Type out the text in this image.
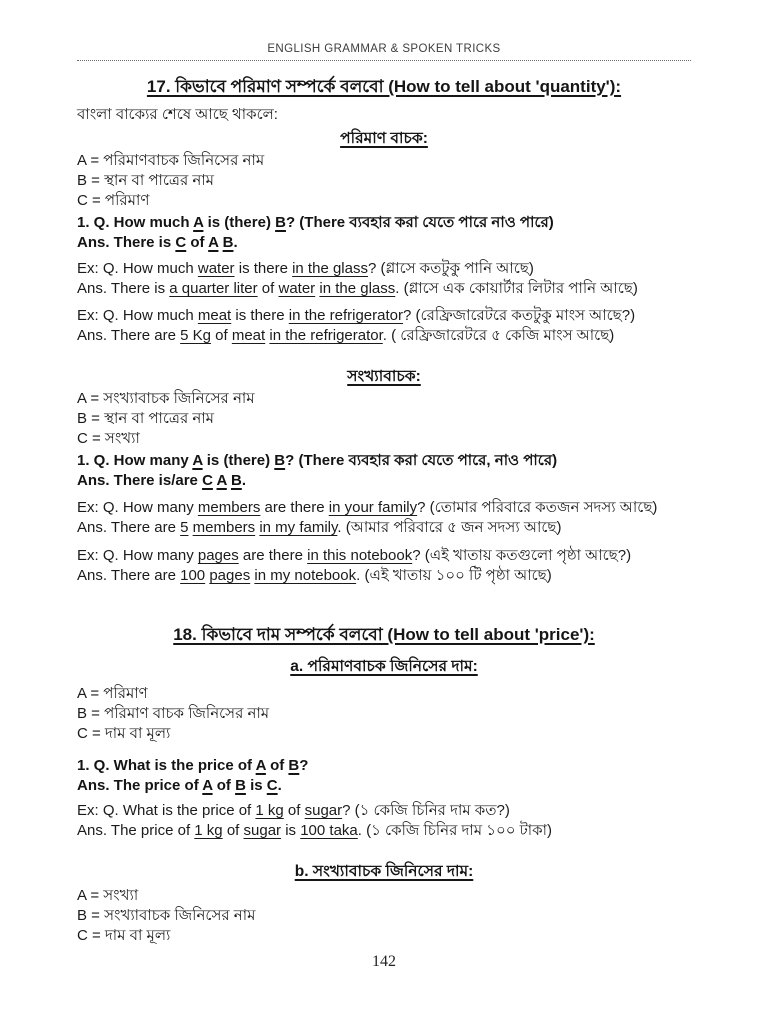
ENGLISH GRAMMAR & SPOKEN TRICKS
17. কিভাবে পরিমাণ সম্পর্কে বলবো (How to tell about 'quantity'):
বাংলা বাক্যের শেষে আছে থাকলে:
পরিমাণ বাচক:
A = পরিমাণবাচক জিনিসের নাম
B = স্থান বা পাত্রের নাম
C = পরিমাণ
1. Q. How much A is (there) B? (There ব্যবহার করা যেতে পারে নাও পারে)
Ans. There is C of A B.
Ex: Q. How much water is there in the glass? (গ্লাসে কতটুকু পানি আছে)
Ans. There is a quarter liter of water in the glass. (গ্লাসে এক কোয়ার্টার লিটার পানি আছে)
Ex: Q. How much meat is there in the refrigerator? (রেফ্রিজারেটরে কতটুকু মাংস আছে?)
Ans. There are 5 Kg of meat in the refrigerator. ( রেফ্রিজারেটরে ৫ কেজি মাংস আছে)
সংখ্যাবাচক:
A = সংখ্যাবাচক জিনিসের নাম
B = স্থান বা পাত্রের নাম
C = সংখ্যা
1. Q. How many A is (there) B? (There ব্যবহার করা যেতে পারে, নাও পারে)
Ans. There is/are C A B.
Ex: Q. How many members are there in your family? (তোমার পরিবারে কতজন সদস্য আছে)
Ans. There are 5 members in my family. (আমার পরিবারে ৫ জন সদস্য আছে)
Ex: Q. How many pages are there in this notebook? (এই খাতায় কতগুলো পৃষ্ঠা আছে?)
Ans. There are 100 pages in my notebook. (এই খাতায় ১০০ টি পৃষ্ঠা আছে)
18. কিভাবে দাম সম্পর্কে বলবো (How to tell about 'price'):
a. পরিমাণবাচক জিনিসের দাম:
A = পরিমাণ
B = পরিমাণ বাচক জিনিসের নাম
C = দাম বা মূল্য
1. Q. What is the price of A of B?
Ans. The price of A of B is C.
Ex: Q. What is the price of 1 kg of sugar? (১ কেজি চিনির দাম কত?)
Ans. The price of 1 kg of sugar is 100 taka. (১ কেজি চিনির দাম ১০০ টাকা)
b. সংখ্যাবাচক জিনিসের দাম:
A = সংখ্যা
B = সংখ্যাবাচক জিনিসের নাম
C = দাম বা মূল্য
142
